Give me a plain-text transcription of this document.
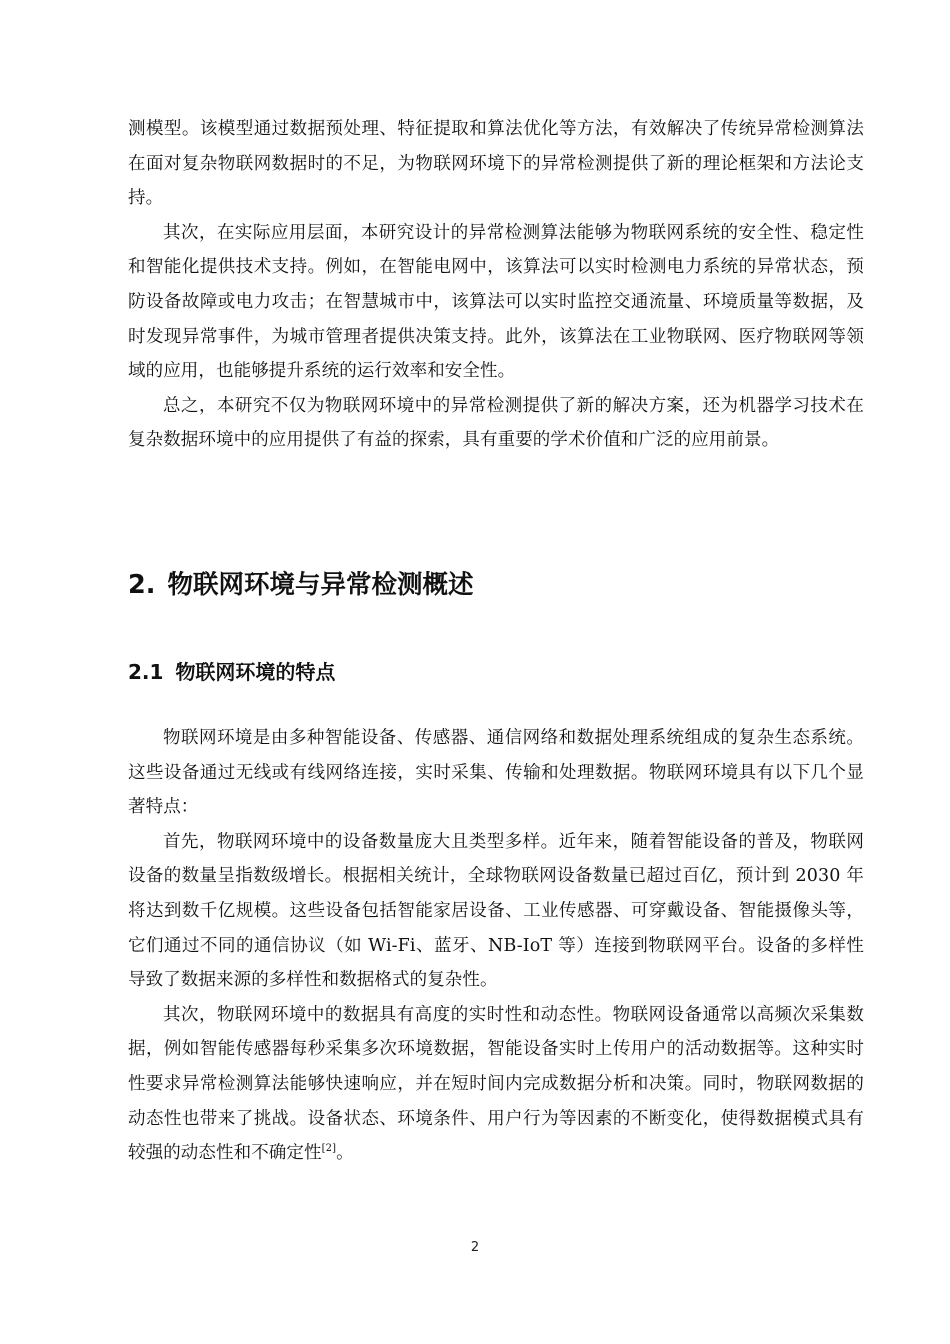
测模型。该模型通过数据预处理、特征提取和算法优化等方法，有效解决了传统异常检测算法在面对复杂物联网数据时的不足，为物联网环境下的异常检测提供了新的理论框架和方法论支持。

其次，在实际应用层面，本研究设计的异常检测算法能够为物联网系统的安全性、稳定性和智能化提供技术支持。例如，在智能电网中，该算法可以实时检测电力系统的异常状态，预防设备故障或电力攻击；在智慧城市中，该算法可以实时监控交通流量、环境质量等数据，及时发现异常事件，为城市管理者提供决策支持。此外，该算法在工业物联网、医疗物联网等领域的应用，也能够提升系统的运行效率和安全性。

总之，本研究不仅为物联网环境中的异常检测提供了新的解决方案，还为机器学习技术在复杂数据环境中的应用提供了有益的探索，具有重要的学术价值和广泛的应用前景。

2. 物联网环境与异常检测概述
2.1 物联网环境的特点

物联网环境是由多种智能设备、传感器、通信网络和数据处理系统组成的复杂生态系统。这些设备通过无线或有线网络连接，实时采集、传输和处理数据。物联网环境具有以下几个显著特点：

首先，物联网环境中的设备数量庞大且类型多样。近年来，随着智能设备的普及，物联网设备的数量呈指数级增长。根据相关统计，全球物联网设备数量已超过百亿，预计到 2030 年将达到数千亿规模。这些设备包括智能家居设备、工业传感器、可穿戴设备、智能摄像头等，它们通过不同的通信协议（如 Wi-Fi、蓝牙、NB-IoT 等）连接到物联网平台。设备的多样性导致了数据来源的多样性和数据格式的复杂性。

其次，物联网环境中的数据具有高度的实时性和动态性。物联网设备通常以高频次采集数据，例如智能传感器每秒采集多次环境数据，智能设备实时上传用户的活动数据等。这种实时性要求异常检测算法能够快速响应，并在短时间内完成数据分析和决策。同时，物联网数据的动态性也带来了挑战。设备状态、环境条件、用户行为等因素的不断变化，使得数据模式具有较强的动态性和不确定性[2]。

2
